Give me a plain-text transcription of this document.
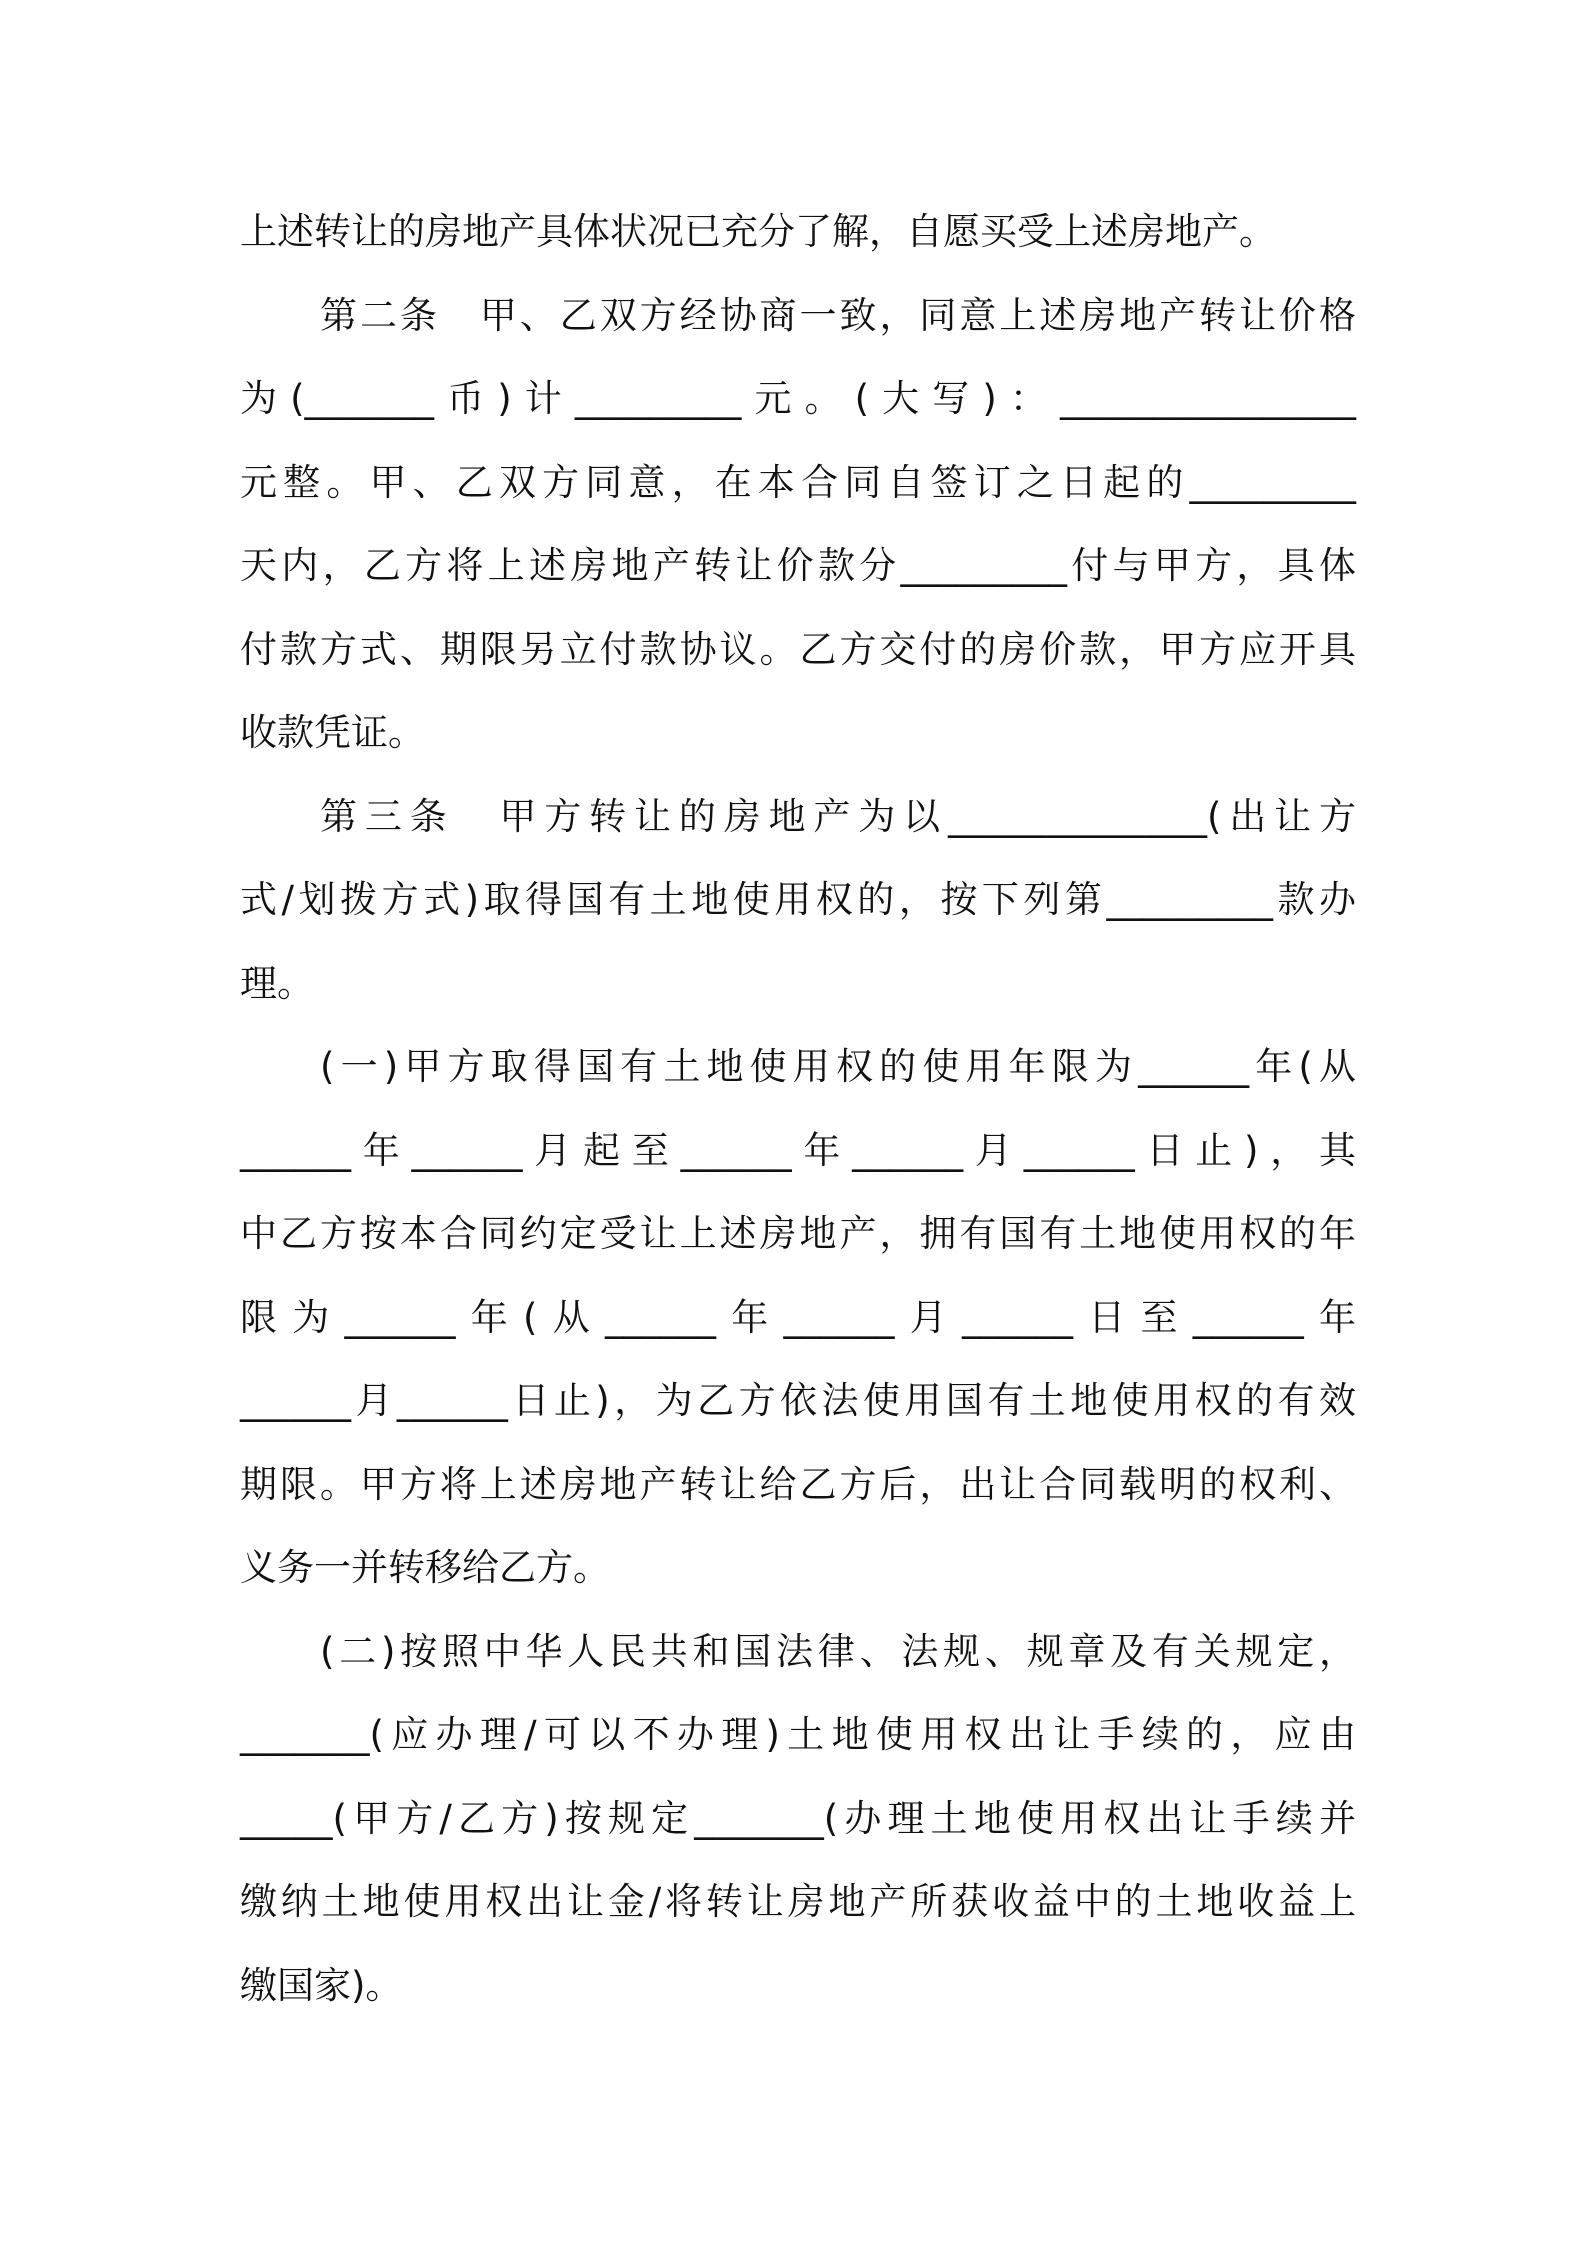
上述转让的房地产具体状况已充分了解，自愿买受上述房地产。
第二条　甲、乙双方经协商一致，同意上述房地产转让价格
为(_______币)计_________元。(大写)：________________
元整。甲、乙双方同意，在本合同自签订之日起的_________
天内，乙方将上述房地产转让价款分_________付与甲方，具体
付款方式、期限另立付款协议。乙方交付的房价款，甲方应开具
收款凭证。
第三条　甲方转让的房地产为以______________(出让方
式/划拨方式)取得国有土地使用权的，按下列第_________款办
理。
(一)甲方取得国有土地使用权的使用年限为______年(从
______年______月起至______年______月______日止)，其
中乙方按本合同约定受让上述房地产，拥有国有土地使用权的年
限为______年(从______年______月______日至______年
______月______日止)，为乙方依法使用国有土地使用权的有效
期限。甲方将上述房地产转让给乙方后，出让合同载明的权利、
义务一并转移给乙方。
(二)按照中华人民共和国法律、法规、规章及有关规定，
_______(应办理/可以不办理)土地使用权出让手续的，应由
_____(甲方/乙方)按规定_______(办理土地使用权出让手续并
缴纳土地使用权出让金/将转让房地产所获收益中的土地收益上
缴国家)。
